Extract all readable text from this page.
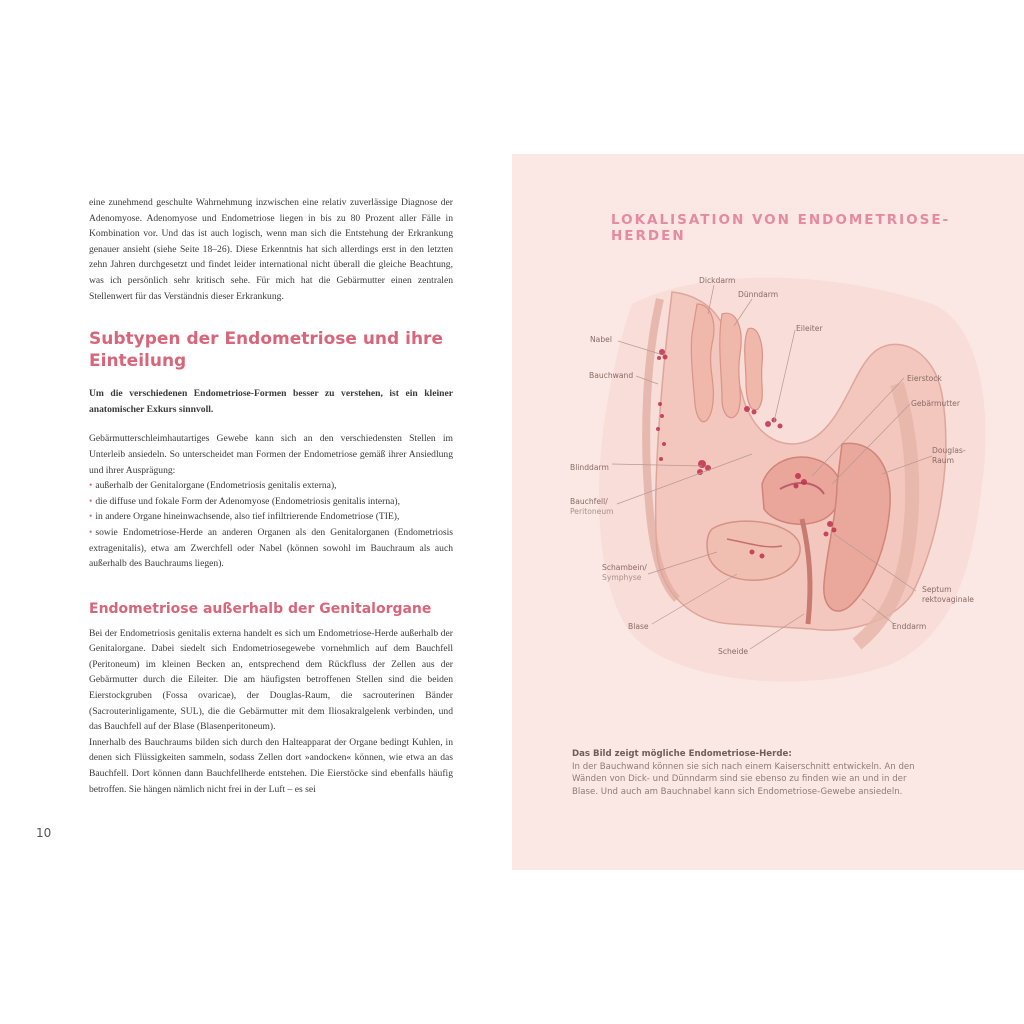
eine zunehmend geschulte Wahrnehmung inzwischen eine relativ zuverlässige Diagnose der Adenomyose. Adenomyose und Endometriose liegen in bis zu 80 Prozent aller Fälle in Kombination vor. Und das ist auch logisch, wenn man sich die Entstehung der Erkrankung genauer ansieht (siehe Seite 18–26). Diese Erkenntnis hat sich allerdings erst in den letzten zehn Jahren durchgesetzt und findet leider international nicht überall die gleiche Beachtung, was ich persönlich sehr kritisch sehe. Für mich hat die Gebärmutter einen zentralen Stellenwert für das Verständnis dieser Erkrankung.

Subtypen der Endometriose und ihre Einteilung

Um die verschiedenen Endometriose-Formen besser zu verstehen, ist ein kleiner anatomischer Exkurs sinnvoll.

Gebärmutterschleimhautartiges Gewebe kann sich an den verschiedensten Stellen im Unterleib ansiedeln. So unterscheidet man Formen der Endometriose gemäß ihrer Ansiedlung und ihrer Ausprägung:

• außerhalb der Genitalorgane (Endometriosis genitalis externa),
• die diffuse und fokale Form der Adenomyose (Endometriosis genitalis interna),
• in andere Organe hineinwachsende, also tief infiltrierende Endometriose (TIE),
• sowie Endometriose-Herde an anderen Organen als den Genitalorganen (Endometriosis extragenitalis), etwa am Zwerchfell oder Nabel (können sowohl im Bauchraum als auch außerhalb des Bauchraums liegen).
Endometriose außerhalb der Genitalorgane

Bei der Endometriosis genitalis externa handelt es sich um Endometriose-Herde außerhalb der Genitalorgane. Dabei siedelt sich Endometriosegewebe vornehmlich auf dem Bauchfell (Peritoneum) im kleinen Becken an, entsprechend dem Rückfluss der Zellen aus der Gebärmutter durch die Eileiter. Die am häufigsten betroffenen Stellen sind die beiden Eierstockgruben (Fossa ovaricae), der Douglas-Raum, die sacrouterinen Bänder (Sacrouterinligamente, SUL), die die Gebärmutter mit dem Iliosakralgelenk verbinden, und das Bauchfell auf der Blase (Blasenperitoneum).

Innerhalb des Bauchraums bilden sich durch den Halteapparat der Organe bedingt Kuhlen, in denen sich Flüssigkeiten sammeln, sodass Zellen dort »andocken« können, wie etwa an das Bauchfell. Dort können dann Bauchfellherde entstehen. Die Eierstöcke sind ebenfalls häufig betroffen. Sie hängen nämlich nicht frei in der Luft – es sei

10
LOKALISATION VON ENDOMETRIOSE-HERDEN
Dickdarm
Dünndarm
Eileiter
Nabel
Bauchwand	Eierstock
Gebärmutter
Douglas-
Raum
Blinddarm
Bauchfell/
Peritoneum
Schambein/
Symphyse
Septum
rektovaginale
Blase	Enddarm
Scheide
Das Bild zeigt mögliche Endometriose-Herde:
In der Bauchwand können sie sich nach einem Kaiserschnitt entwickeln. An den Wänden von Dick- und Dünndarm sind sie ebenso zu finden wie an und in der Blase. Und auch am Bauchnabel kann sich Endometriose-Gewebe ansiedeln.
